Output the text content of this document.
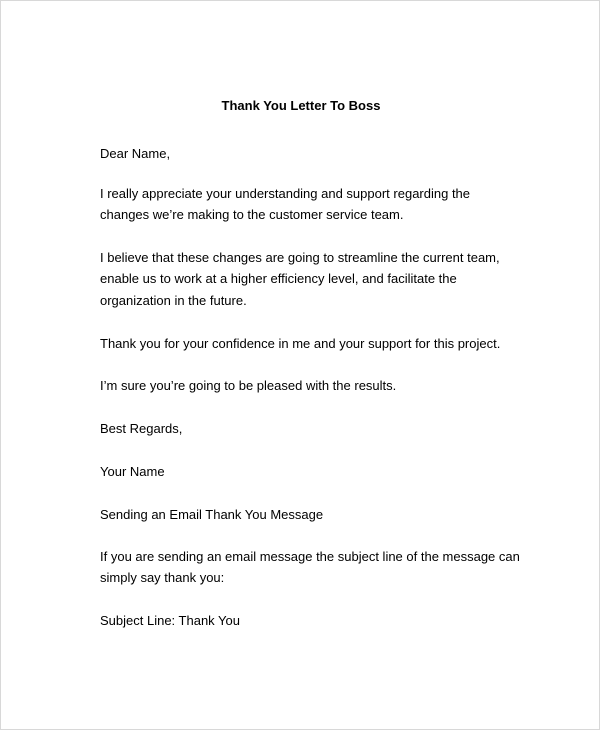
Thank You Letter To Boss
Dear Name,
I really appreciate your understanding and support regarding the
changes we’re making to the customer service team.
I believe that these changes are going to streamline the current team,
enable us to work at a higher efficiency level, and facilitate the
organization in the future.
Thank you for your confidence in me and your support for this project.
I’m sure you’re going to be pleased with the results.
Best Regards,
Your Name
Sending an Email Thank You Message
If you are sending an email message the subject line of the message can
simply say thank you:
Subject Line: Thank You
